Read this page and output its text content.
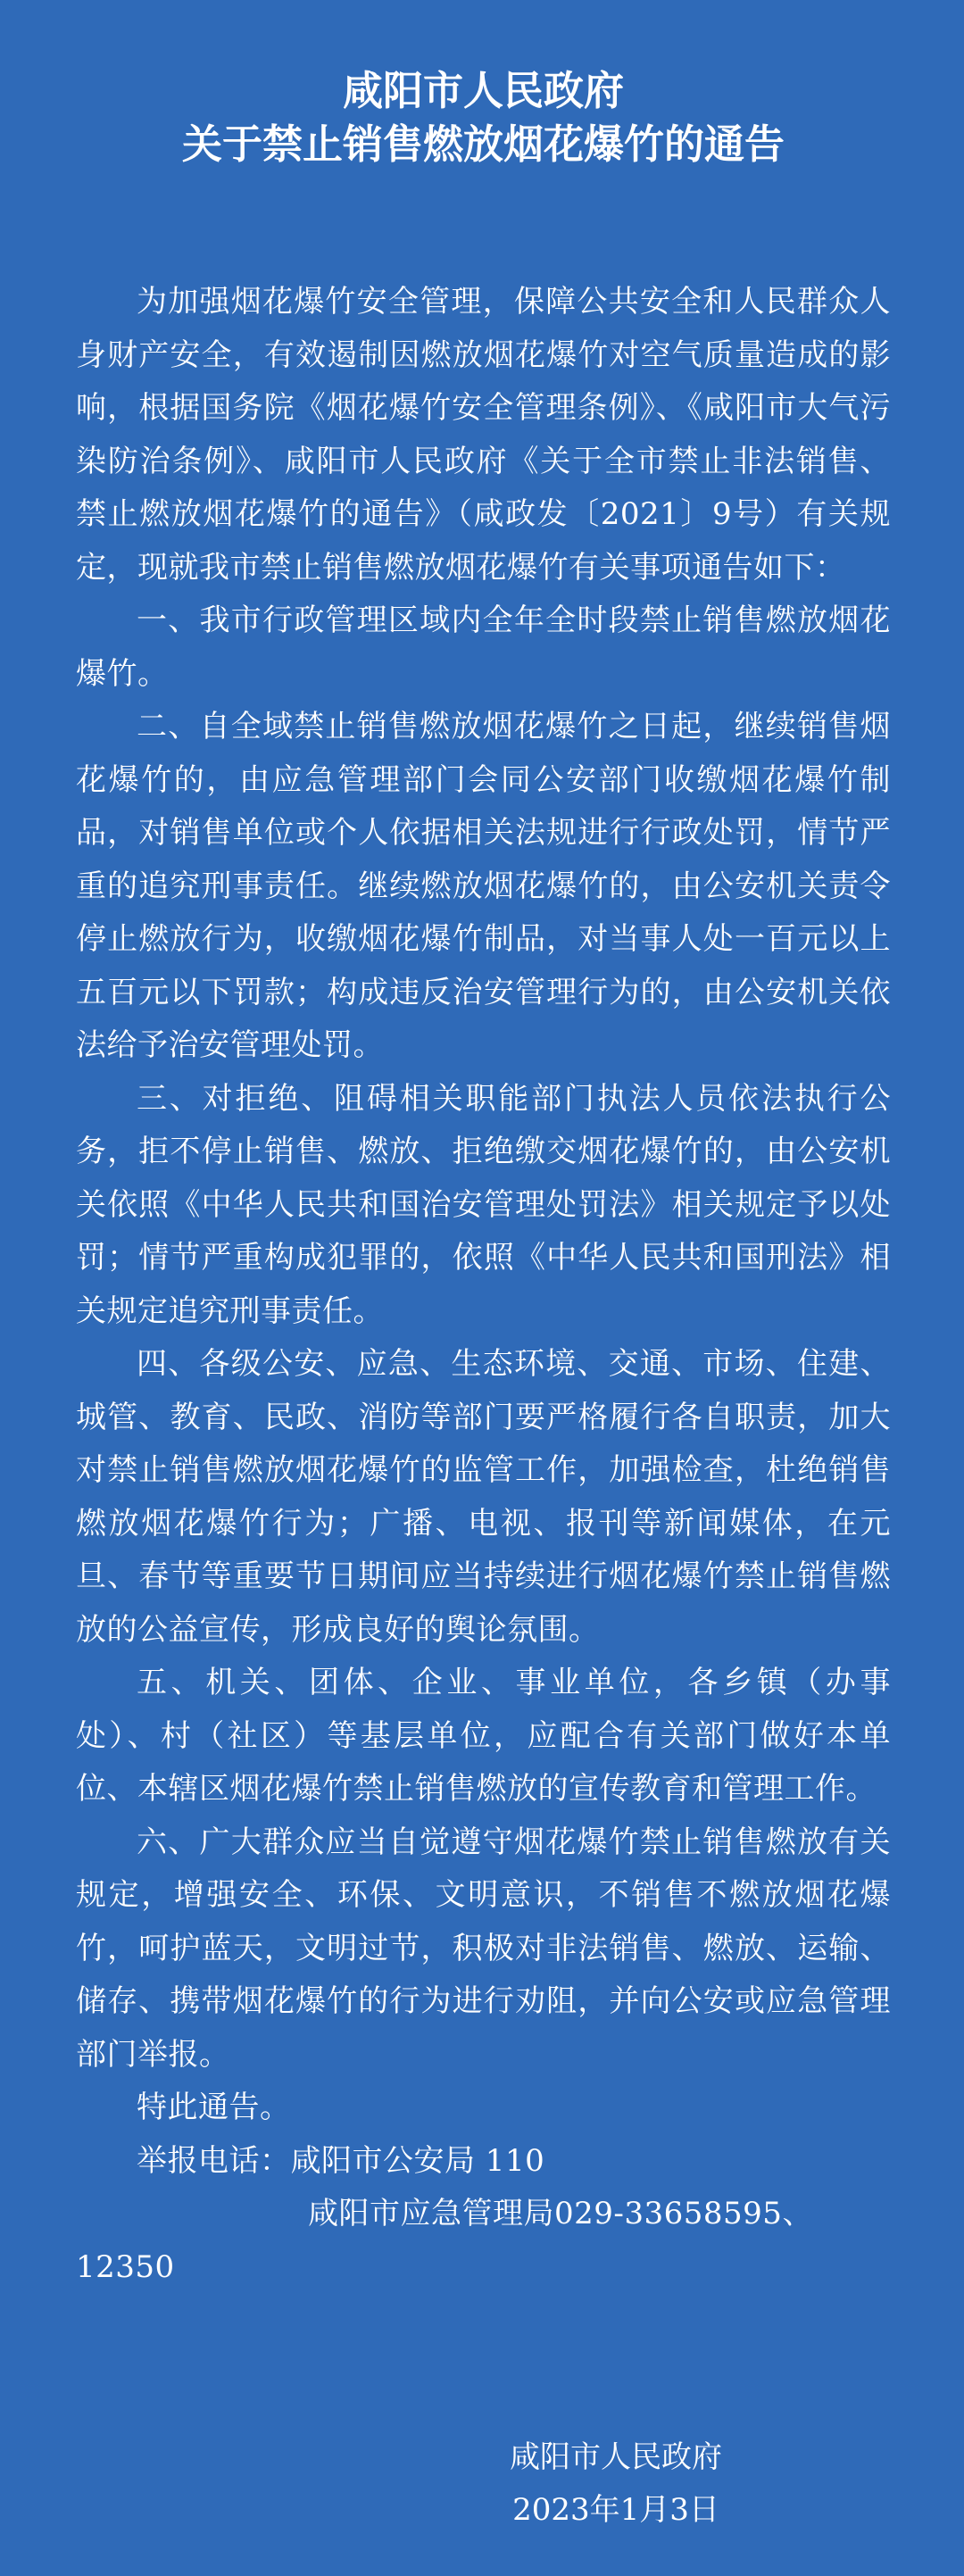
咸阳市人民政府
关于禁止销售燃放烟花爆竹的通告

为加强烟花爆竹安全管理，保障公共安全和人民群众人身财产安全，有效遏制因燃放烟花爆竹对空气质量造成的影响，根据国务院《烟花爆竹安全管理条例》、《咸阳市大气污染防治条例》、咸阳市人民政府《关于全市禁止非法销售、禁止燃放烟花爆竹的通告》（咸政发〔2021〕9号）有关规定，现就我市禁止销售燃放烟花爆竹有关事项通告如下：

一、我市行政管理区域内全年全时段禁止销售燃放烟花爆竹。

二、自全域禁止销售燃放烟花爆竹之日起，继续销售烟花爆竹的，由应急管理部门会同公安部门收缴烟花爆竹制品，对销售单位或个人依据相关法规进行行政处罚，情节严重的追究刑事责任。继续燃放烟花爆竹的，由公安机关责令停止燃放行为，收缴烟花爆竹制品，对当事人处一百元以上五百元以下罚款；构成违反治安管理行为的，由公安机关依法给予治安管理处罚。

三、对拒绝、阻碍相关职能部门执法人员依法执行公务，拒不停止销售、燃放、拒绝缴交烟花爆竹的，由公安机关依照《中华人民共和国治安管理处罚法》相关规定予以处罚；情节严重构成犯罪的，依照《中华人民共和国刑法》相关规定追究刑事责任。

四、各级公安、应急、生态环境、交通、市场、住建、城管、教育、民政、消防等部门要严格履行各自职责，加大对禁止销售燃放烟花爆竹的监管工作，加强检查，杜绝销售燃放烟花爆竹行为；广播、电视、报刊等新闻媒体，在元旦、春节等重要节日期间应当持续进行烟花爆竹禁止销售燃放的公益宣传，形成良好的舆论氛围。

五、机关、团体、企业、事业单位，各乡镇（办事处）、村（社区）等基层单位，应配合有关部门做好本单位、本辖区烟花爆竹禁止销售燃放的宣传教育和管理工作。

六、广大群众应当自觉遵守烟花爆竹禁止销售燃放有关规定，增强安全、环保、文明意识，不销售不燃放烟花爆竹，呵护蓝天，文明过节，积极对非法销售、燃放、运输、储存、携带烟花爆竹的行为进行劝阻，并向公安或应急管理部门举报。

特此通告。

举报电话：咸阳市公安局 110

咸阳市应急管理局029-33658595、

12350

咸阳市人民政府
2023年1月3日
